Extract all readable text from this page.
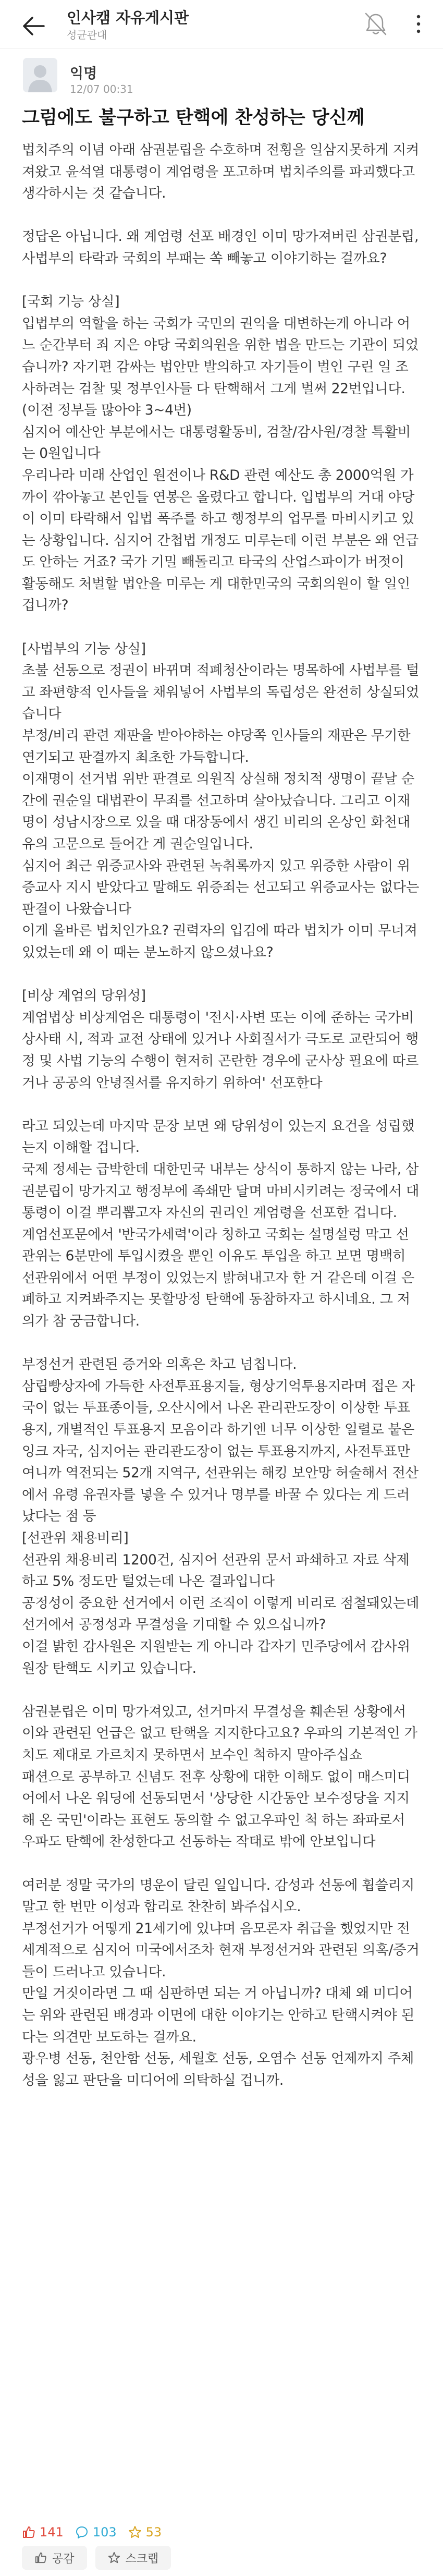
인사캠 자유게시판
성균관대
익명
12/07 00:31
그럼에도 불구하고 탄핵에 찬성하는 당신께

법치주의 이념 아래 삼권분립을 수호하며 전횡을 일삼지못하게 지켜져왔고 윤석열 대통령이 계엄령을 포고하며 법치주의를 파괴했다고 생각하시는 것 같습니다.

정답은 아닙니다. 왜 계엄령 선포 배경인 이미 망가져버린 삼권분립, 사법부의 타락과 국회의 부패는 쏙 빼놓고 이야기하는 걸까요?

[국회 기능 상실]
입법부의 역할을 하는 국회가 국민의 권익을 대변하는게 아니라 어느 순간부터 죄 지은 야당 국회의원을 위한 법을 만드는 기관이 되었습니까? 자기편 감싸는 법안만 발의하고 자기들이 벌인 구린 일 조사하려는 검찰 및 정부인사들 다 탄핵해서 그게 벌써 22번입니다. (이전 정부들 많아야 3~4번)
심지어 예산안 부분에서는 대통령활동비, 검찰/감사원/경찰 특활비는 0원입니다
우리나라 미래 산업인 원전이나 R&D 관련 예산도 총 2000억원 가까이 깎아놓고 본인들 연봉은 올렸다고 합니다. 입법부의 거대 야당이 이미 타락해서 입법 폭주를 하고 행정부의 업무를 마비시키고 있는 상황입니다. 심지어 간첩법 개정도 미루는데 이런 부분은 왜 언급도 안하는 거죠? 국가 기밀 빼돌리고 타국의 산업스파이가 버젓이 활동해도 처벌할 법안을 미루는 게 대한민국의 국회의원이 할 일인겁니까?

[사법부의 기능 상실]
초불 선동으로 정권이 바뀌며 적폐청산이라는 명목하에 사법부를 털고 좌편향적 인사들을 채워넣어 사법부의 독립성은 완전히 상실되었습니다
부정/비리 관련 재판을 받아야하는 야당쪽 인사들의 재판은 무기한 연기되고 판결까지 최초한 가득합니다.
이재명이 선거법 위반 판결로 의원직 상실해 정치적 생명이 끝날 순간에 권순일 대법관이 무죄를 선고하며 살아났습니다. 그리고 이재명이 성남시장으로 있을 때 대장동에서 생긴 비리의 온상인 화천대유의 고문으로 들어간 게 권순일입니다.
심지어 최근 위증교사와 관련된 녹취록까지 있고 위증한 사람이 위증교사 지시 받았다고 말해도 위증죄는 선고되고 위증교사는 없다는 판결이 나왔습니다
이게 올바른 법치인가요? 권력자의 입김에 따라 법치가 이미 무너져 있었는데 왜 이 때는 분노하지 않으셨나요?

[비상 계엄의 당위성]
계엄법상 비상계엄은 대통령이 '전시·사변 또는 이에 준하는 국가비상사태 시, 적과 교전 상태에 있거나 사회질서가 극도로 교란되어 행정 및 사법 기능의 수행이 현저히 곤란한 경우에 군사상 필요에 따르거나 공공의 안녕질서를 유지하기 위하여' 선포한다

라고 되있는데 마지막 문장 보면 왜 당위성이 있는지 요건을 성립했는지 이해할 겁니다.
국제 정세는 급박한데 대한민국 내부는 상식이 통하지 않는 나라, 삼권분립이 망가지고 행정부에 족쇄만 달며 마비시키려는 정국에서 대통령이 이걸 뿌리뽑고자 자신의 권리인 계엄령을 선포한 겁니다.
계엄선포문에서 '반국가세력'이라 칭하고 국회는 설명설렁 막고 선관위는 6분만에 투입시켰을 뿐인 이유도 투입을 하고 보면 명백히 선관위에서 어떤 부정이 있었는지 밝혀내고자 한 거 같은데 이걸 은폐하고 지켜봐주지는 못할망정 탄핵에 동참하자고 하시네요. 그 저의가 참 궁금합니다.

부정선거 관련된 증거와 의혹은 차고 넘칩니다.
삼립빵상자에 가득한 사전투표용지들, 형상기억투용지라며 접은 자국이 없는 투표종이들, 오산시에서 나온 관리관도장이 이상한 투표용지, 개별적인 투표용지 모음이라 하기엔 너무 이상한 일렬로 붙은 잉크 자국, 심지어는 관리관도장이 없는 투표용지까지, 사전투표만 여니까 역전되는 52개 지역구, 선관위는 해킹 보안망 허술해서 전산에서 유령 유권자를 넣을 수 있거나 명부를 바꿀 수 있다는 게 드러났다는 점 등
[선관위 채용비리]
선관위 채용비리 1200건, 심지어 선관위 문서 파쇄하고 자료 삭제하고 5% 정도만 털었는데 나온 결과입니다
공정성이 중요한 선거에서 이런 조직이 이렇게 비리로 점철돼있는데 선거에서 공정성과 무결성을 기대할 수 있으십니까?
이걸 밝힌 감사원은 지원받는 게 아니라 갑자기 민주당에서 감사위원장 탄핵도 시키고 있습니다.

삼권분립은 이미 망가져있고, 선거마저 무결성을 훼손된 상황에서 이와 관련된 언급은 없고 탄핵을 지지한다고요? 우파의 기본적인 가치도 제대로 가르치지 못하면서 보수인 척하지 말아주십쇼
패션으로 공부하고 신념도 전후 상황에 대한 이해도 없이 매스미디어에서 나온 워딩에 선동되면서 '상당한 시간동안 보수정당을 지지해 온 국민'이라는 표현도 동의할 수 없고우파인 척 하는 좌파로서 우파도 탄핵에 찬성한다고 선동하는 작태로 밖에 안보입니다

여러분 정말 국가의 명운이 달린 일입니다. 감성과 선동에 휩쓸리지 말고 한 번만 이성과 합리로 찬찬히 봐주십시오.
부정선거가 어떻게 21세기에 있냐며 음모론자 취급을 했었지만 전세계적으로 심지어 미국에서조차 현재 부정선거와 관련된 의혹/증거들이 드러나고 있습니다.
만일 거짓이라면 그 때 심판하면 되는 거 아닙니까? 대체 왜 미디어는 위와 관련된 배경과 이면에 대한 이야기는 안하고 탄핵시켜야 된다는 의견만 보도하는 걸까요.
광우병 선동, 천안함 선동, 세월호 선동, 오염수 선동 언제까지 주체성을 잃고 판단을 미디어에 의탁하실 겁니까.

141 103 53
공감	스크랩
